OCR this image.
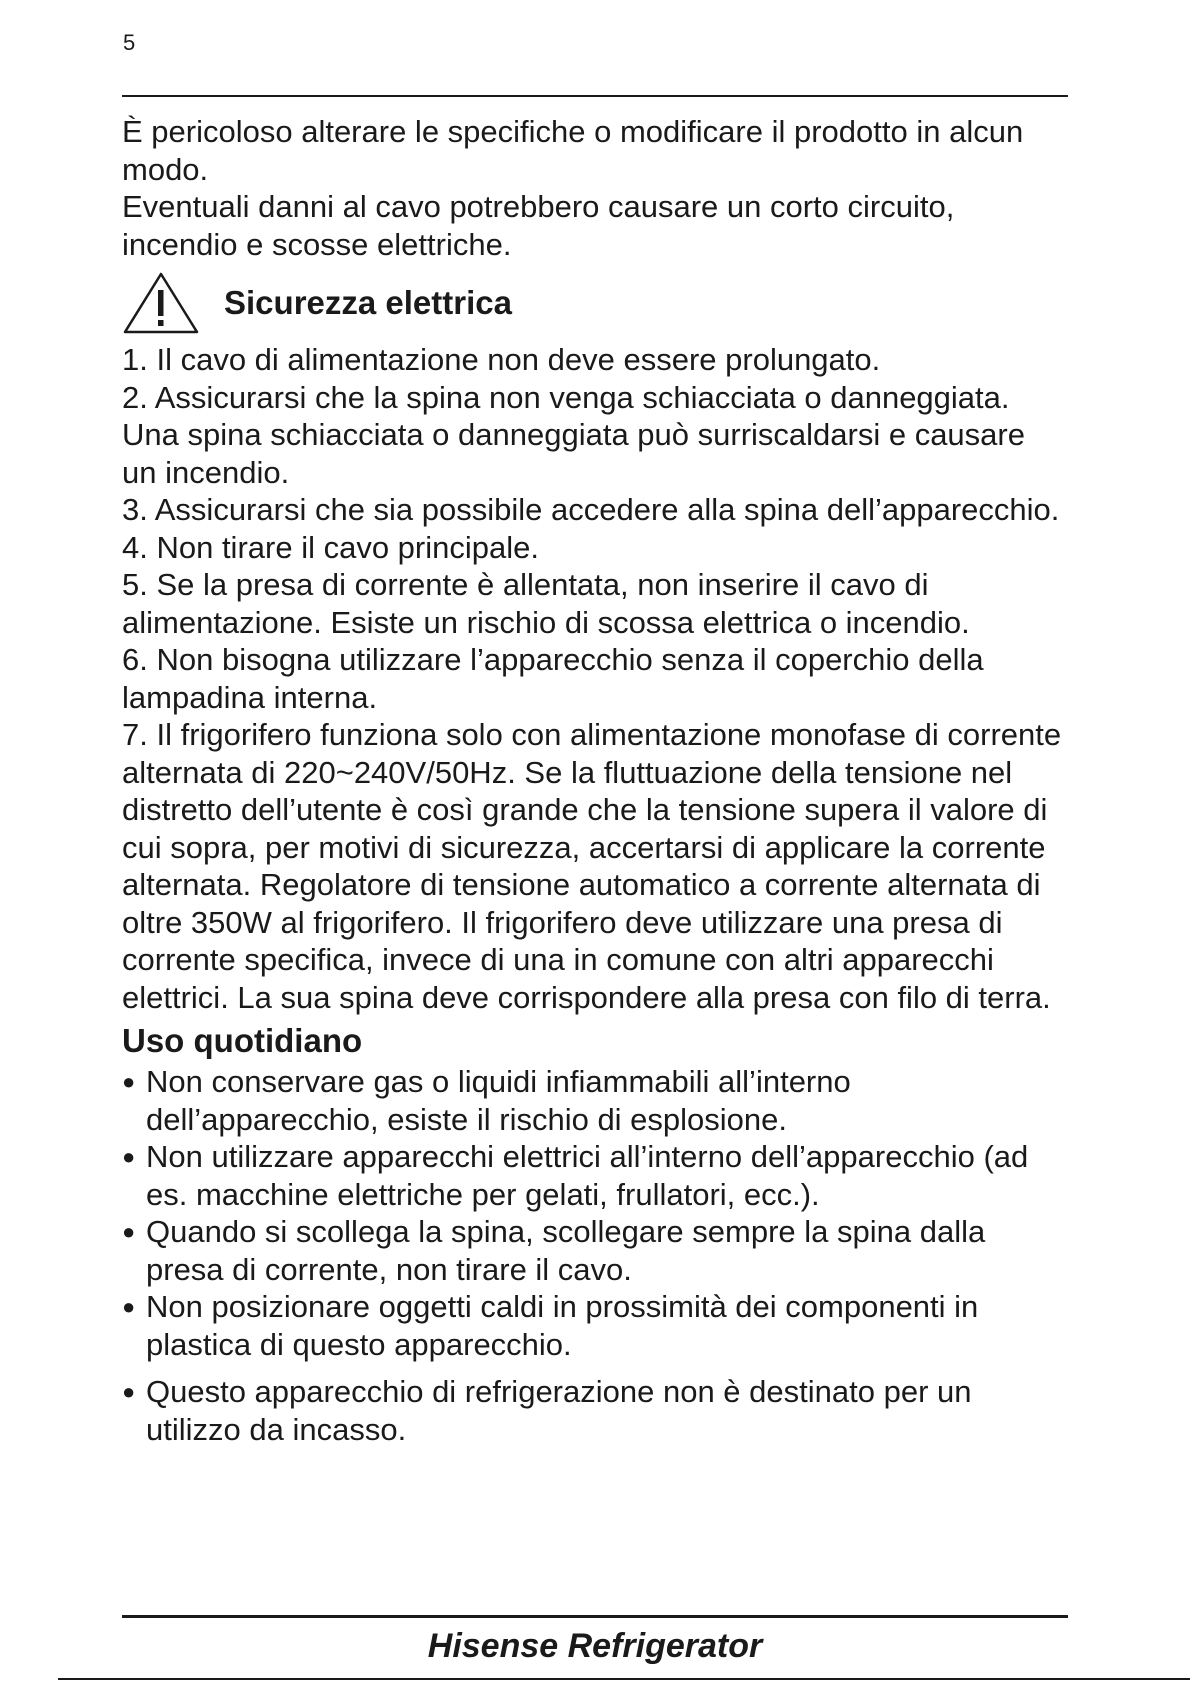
5

È pericoloso alterare le specifiche o modificare il prodotto in alcun modo.

Eventuali danni al cavo potrebbero causare un corto circuito, incendio e scosse elettriche.

Sicurezza elettrica

1. Il cavo di alimentazione non deve essere prolungato.

2. Assicurarsi che la spina non venga schiacciata o danneggiata. Una spina schiacciata o danneggiata può surriscaldarsi e causare un incendio.

3. Assicurarsi che sia possibile accedere alla spina dell’apparecchio.

4. Non tirare il cavo principale.

5. Se la presa di corrente è allentata, non inserire il cavo di alimentazione. Esiste un rischio di scossa elettrica o incendio.

6. Non bisogna utilizzare l’apparecchio senza il coperchio della lampadina interna.

7. Il frigorifero funziona solo con alimentazione monofase di corrente alternata di 220~240V/50Hz. Se la fluttuazione della tensione nel distretto dell’utente è così grande che la tensione supera il valore di cui sopra, per motivi di sicurezza, accertarsi di applicare la corrente alternata. Regolatore di tensione automatico a corrente alternata di oltre 350W al frigorifero. Il frigorifero deve utilizzare una presa di corrente specifica, invece di una in comune con altri apparecchi elettrici. La sua spina deve corrispondere alla presa con filo di terra.

Uso quotidiano
● Non conservare gas o liquidi infiammabili all’interno dell’apparecchio, esiste il rischio di esplosione.
● Non utilizzare apparecchi elettrici all’interno dell’apparecchio (ad es. macchine elettriche per gelati, frullatori, ecc.).
● Quando si scollega la spina, scollegare sempre la spina dalla presa di corrente, non tirare il cavo.
● Non posizionare oggetti caldi in prossimità dei componenti in plastica di questo apparecchio.
● Questo apparecchio di refrigerazione non è destinato per un utilizzo da incasso.
Hisense Refrigerator
